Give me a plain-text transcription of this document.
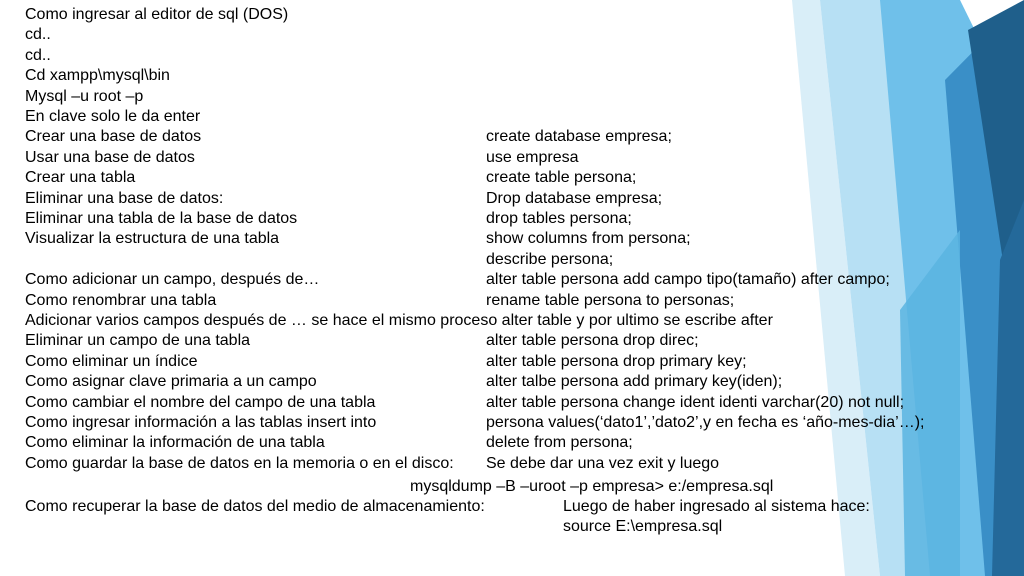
Como ingresar al editor de sql (DOS)
cd..
cd..
Cd xampp\mysql\bin
Mysql –u root –p
En clave solo le da enter
Crear una base de datos	create database empresa;
Usar una base de datos	use empresa
Crear una tabla	create table persona;
Eliminar una base de datos:	Drop database empresa;
Eliminar una tabla de la base de datos	drop tables persona;
Visualizar la estructura de una tabla	show columns from persona;
describe persona;
Como adicionar un campo, después de…	alter table persona add campo tipo(tamaño) after campo;
Como renombrar una tabla	rename table persona to personas;
Adicionar varios campos después de … se hace el mismo proceso alter table y por ultimo se escribe after
Eliminar un campo de una tabla	alter table persona drop direc;
Como eliminar un índice	alter table persona drop primary key;
Como asignar clave primaria a un campo	alter talbe persona add primary key(iden);
Como cambiar el nombre del campo de una tabla	alter table persona change ident identi varchar(20) not null;
Como ingresar información a las tablas insert into	persona values(‘dato1’,’dato2’,y en fecha es ‘año-mes-dia’…);
Como eliminar la información de una tabla	delete from persona;
Como guardar la base de datos en la memoria o en el disco: Se debe dar una vez exit y luego
mysqldump –B –uroot –p empresa> e:/empresa.sql
Como recuperar la base de datos del medio de almacenamiento:	Luego de haber ingresado al sistema hace:
source E:\empresa.sql
